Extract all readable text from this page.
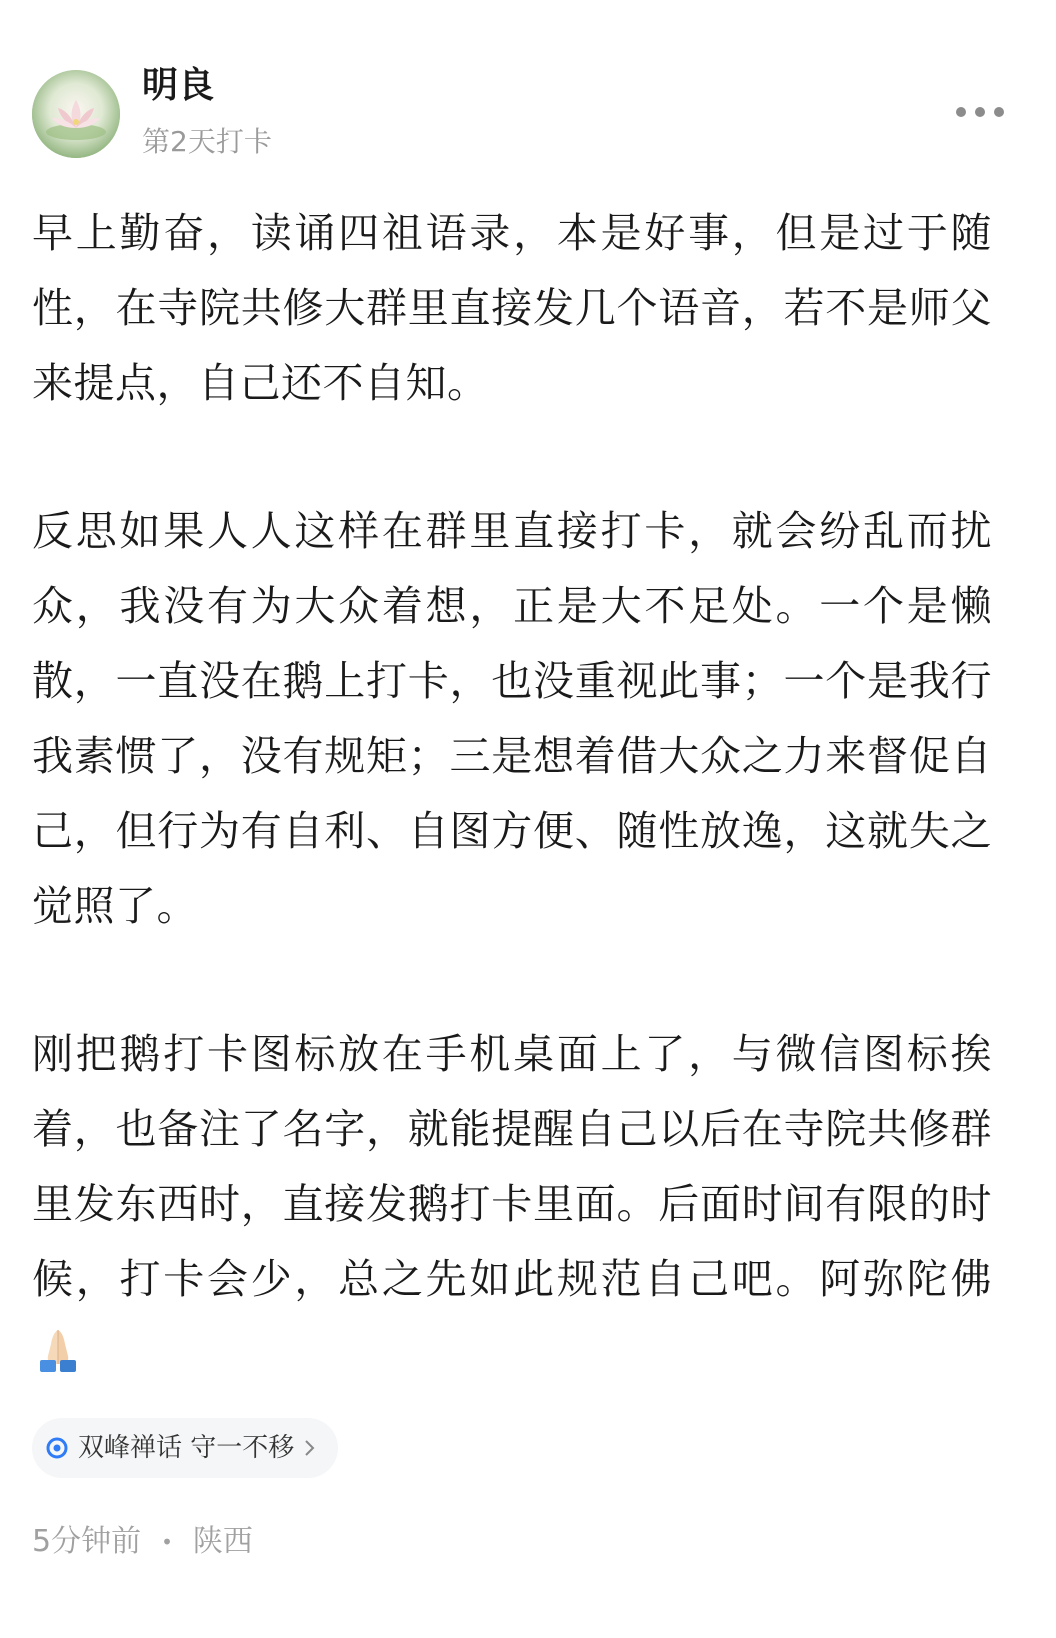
明良
第2天打卡

早上勤奋，读诵四祖语录，本是好事，但是过于随性，在寺院共修大群里直接发几个语音，若不是师父来提点，自己还不自知。

反思如果人人这样在群里直接打卡，就会纷乱而扰众，我没有为大众着想，正是大不足处。一个是懒散，一直没在鹅上打卡，也没重视此事；一个是我行我素惯了，没有规矩；三是想着借大众之力来督促自己，但行为有自利、自图方便、随性放逸，这就失之觉照了。

刚把鹅打卡图标放在手机桌面上了，与微信图标挨着，也备注了名字，就能提醒自己以后在寺院共修群里发东西时，直接发鹅打卡里面。后面时间有限的时候，打卡会少，总之先如此规范自己吧。阿弥陀佛

双峰禅话 守一不移
5分钟前 • 陕西
